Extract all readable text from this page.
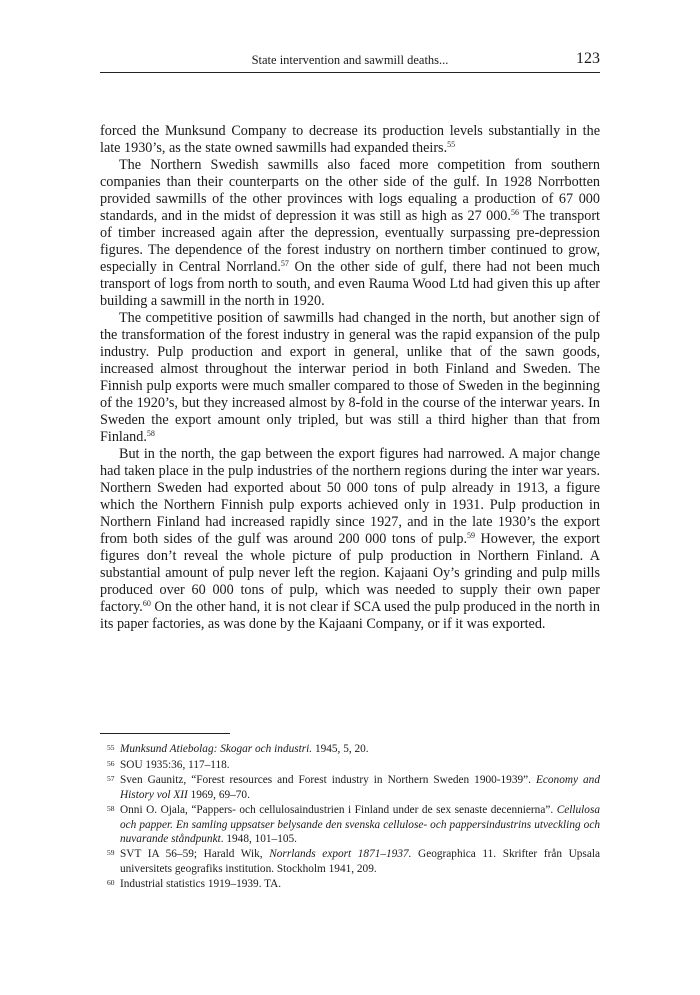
State intervention and sawmill deaths...	123

forced the Munksund Company to decrease its production levels substantially in the late 1930’s, as the state owned sawmills had expanded theirs.$^{55}$

The Northern Swedish sawmills also faced more competition from southern companies than their counterparts on the other side of the gulf. In 1928 Norrbotten provided sawmills of the other provinces with logs equaling a production of 67 000 standards, and in the midst of depression it was still as high as 27 000.56 The transport of timber increased again after the depression, eventually surpassing pre-depression figures. The dependence of the forest industry on northern timber continued to grow, especially in Central Norrland.$^{57}$ On the other side of gulf, there had not been much transport of logs from north to south, and even Rauma Wood Ltd had given this up after building a sawmill in the north in 1920.

The competitive position of sawmills had changed in the north, but another sign of the transformation of the forest industry in general was the rapid expansion of the pulp industry. Pulp production and export in general, unlike that of the sawn goods, increased almost throughout the interwar period in both Finland and Sweden. The Finnish pulp exports were much smaller compared to those of Sweden in the beginning of the 1920’s, but they increased almost by 8-fold in the course of the interwar years. In Sweden the export amount only tripled, but was still a third higher than that from Finland.$^{58}$

But in the north, the gap between the export figures had narrowed. A major change had taken place in the pulp industries of the northern regions during the inter war years. Northern Sweden had exported about 50 000 tons of pulp already in 1913, a figure which the Northern Finnish pulp exports achieved only in 1931. Pulp production in Northern Finland had increased rapidly since 1927, and in the late 1930’s the export from both sides of the gulf was around 200 000 tons of pulp.$^{59}$ However, the export figures don’t reveal the whole picture of pulp production in Northern Finland. A substantial amount of pulp never left the region. Kajaani Oy’s grinding and pulp mills produced over 60 000 tons of pulp, which was needed to supply their own paper factory.$^{60}$ On the other hand, it is not clear if SCA used the pulp produced in the north in its paper factories, as was done by the Kajaani Company, or if it was exported.

55 Munksund Atiebolag: Skogar och industri. 1945, 5, 20.
56 SOU 1935:36, 117–118.
57 Sven Gaunitz, “Forest resources and Forest industry in Northern Sweden 1900-1939”. Economy and History vol XII 1969, 69–70.
58 Onni O. Ojala, “Pappers- och cellulosaindustrien i Finland under de sex senaste decennierna”. Cellulosa och papper. En samling uppsatser belysande den svenska cellulose- och pappersindustrins utveckling och nuvarande ståndpunkt. 1948, 101–105.
59 SVT IA 56–59; Harald Wik, Norrlands export 1871–1937. Geographica 11. Skrifter från Upsala universitets geografiks institution. Stockholm 1941, 209.
60 Industrial statistics 1919–1939. TA.
